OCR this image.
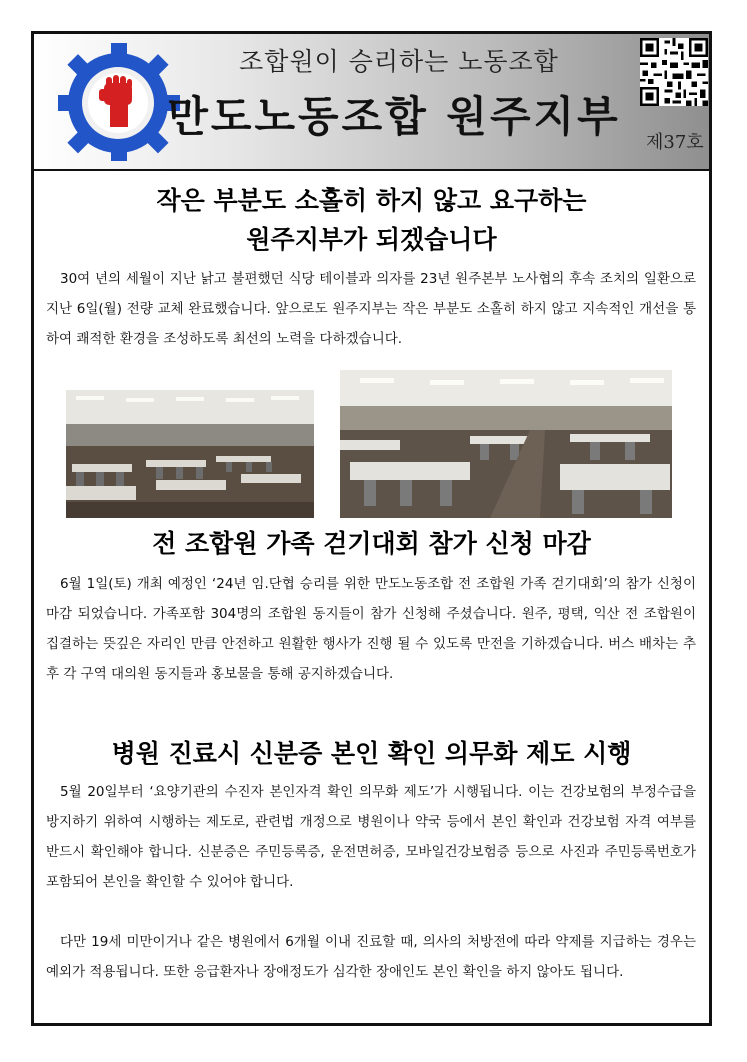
조합원이 승리하는 노동조합
만도노동조합 원주지부
제37호
작은 부분도 소홀히 하지 않고 요구하는
원주지부가 되겠습니다

30여 년의 세월이 지난 낡고 불편했던 식당 테이블과 의자를 23년 원주본부 노사협의 후속 조치의 일환으로 지난 6일(월) 전량 교체 완료했습니다. 앞으로도 원주지부는 작은 부분도 소홀히 하지 않고 지속적인 개선을 통하여 쾌적한 환경을 조성하도록 최선의 노력을 다하겠습니다.

전 조합원 가족 걷기대회 참가 신청 마감

6월 1일(토) 개최 예정인 ‘24년 임.단협 승리를 위한 만도노동조합 전 조합원 가족 걷기대회’의 참가 신청이 마감 되었습니다. 가족포함 304명의 조합원 동지들이 참가 신청해 주셨습니다. 원주, 평택, 익산 전 조합원이 집결하는 뜻깊은 자리인 만큼 안전하고 원활한 행사가 진행 될 수 있도록 만전을 기하겠습니다. 버스 배차는 추후 각 구역 대의원 동지들과 홍보물을 통해 공지하겠습니다.

병원 진료시 신분증 본인 확인 의무화 제도 시행

5월 20일부터 ‘요양기관의 수진자 본인자격 확인 의무화 제도’가 시행됩니다. 이는 건강보험의 부정수급을 방지하기 위하여 시행하는 제도로, 관련법 개정으로 병원이나 약국 등에서 본인 확인과 건강보험 자격 여부를 반드시 확인해야 합니다. 신분증은 주민등록증, 운전면허증, 모바일건강보험증 등으로 사진과 주민등록번호가 포함되어 본인을 확인할 수 있어야 합니다.

다만 19세 미만이거나 같은 병원에서 6개월 이내 진료할 때, 의사의 처방전에 따라 약제를 지급하는 경우는 예외가 적용됩니다. 또한 응급환자나 장애정도가 심각한 장애인도 본인 확인을 하지 않아도 됩니다.
